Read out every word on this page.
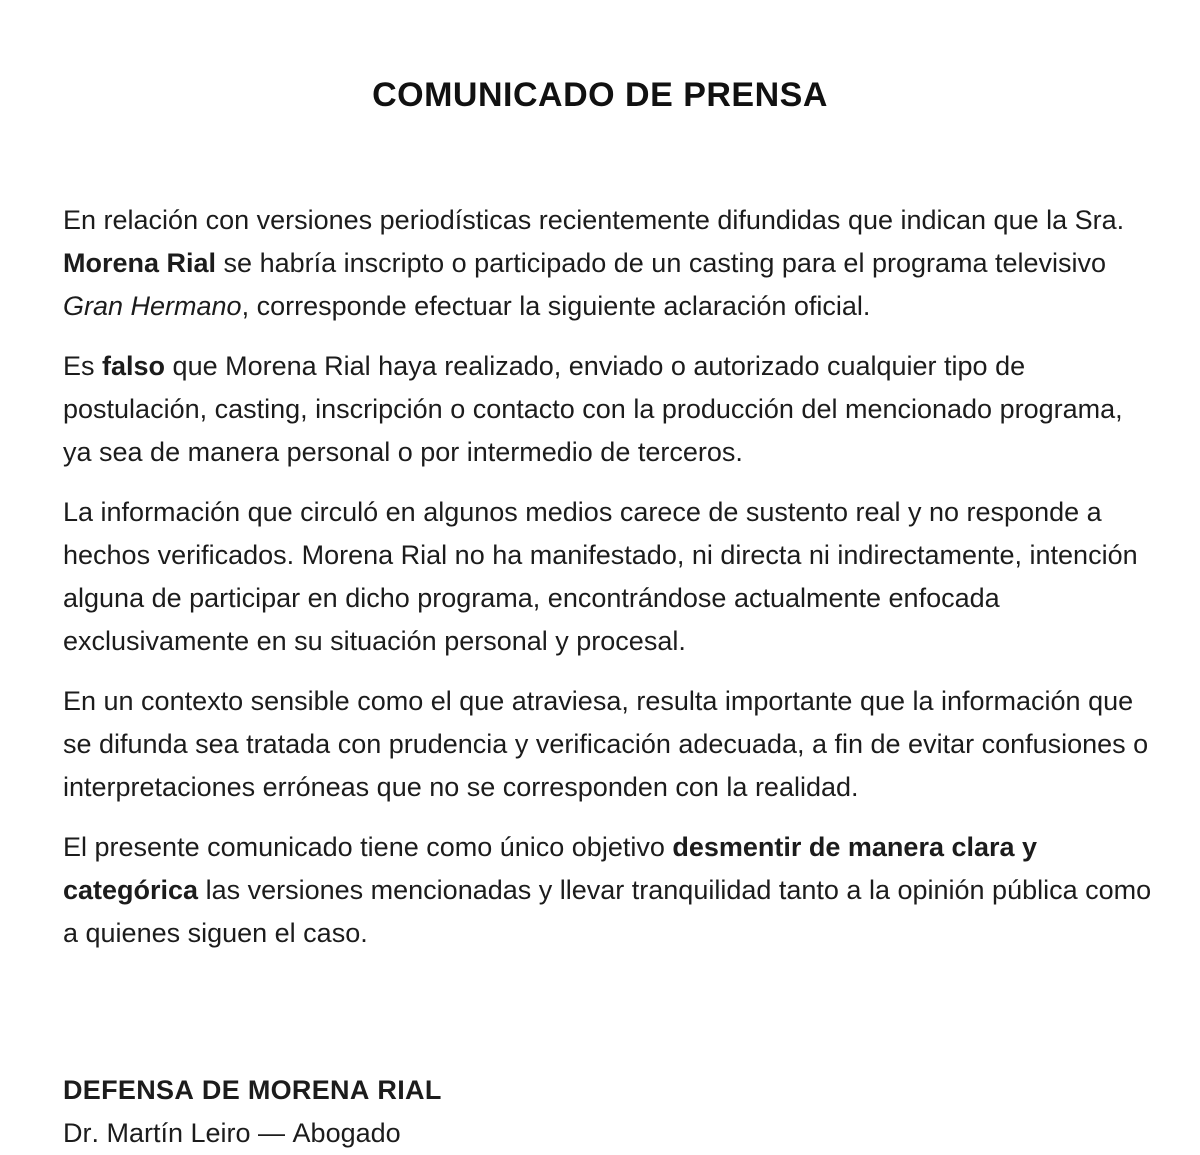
COMUNICADO DE PRENSA

En relación con versiones periodísticas recientemente difundidas que indican que la Sra. Morena Rial se habría inscripto o participado de un casting para el programa televisivo Gran Hermano, corresponde efectuar la siguiente aclaración oficial.

Es falso que Morena Rial haya realizado, enviado o autorizado cualquier tipo de postulación, casting, inscripción o contacto con la producción del mencionado programa, ya sea de manera personal o por intermedio de terceros.

La información que circuló en algunos medios carece de sustento real y no responde a hechos verificados. Morena Rial no ha manifestado, ni directa ni indirectamente, intención alguna de participar en dicho programa, encontrándose actualmente enfocada exclusivamente en su situación personal y procesal.

En un contexto sensible como el que atraviesa, resulta importante que la información que se difunda sea tratada con prudencia y verificación adecuada, a fin de evitar confusiones o interpretaciones erróneas que no se corresponden con la realidad.

El presente comunicado tiene como único objetivo desmentir de manera clara y categórica las versiones mencionadas y llevar tranquilidad tanto a la opinión pública como a quienes siguen el caso.

DEFENSA DE MORENA RIAL

Dr. Martín Leiro — Abogado
